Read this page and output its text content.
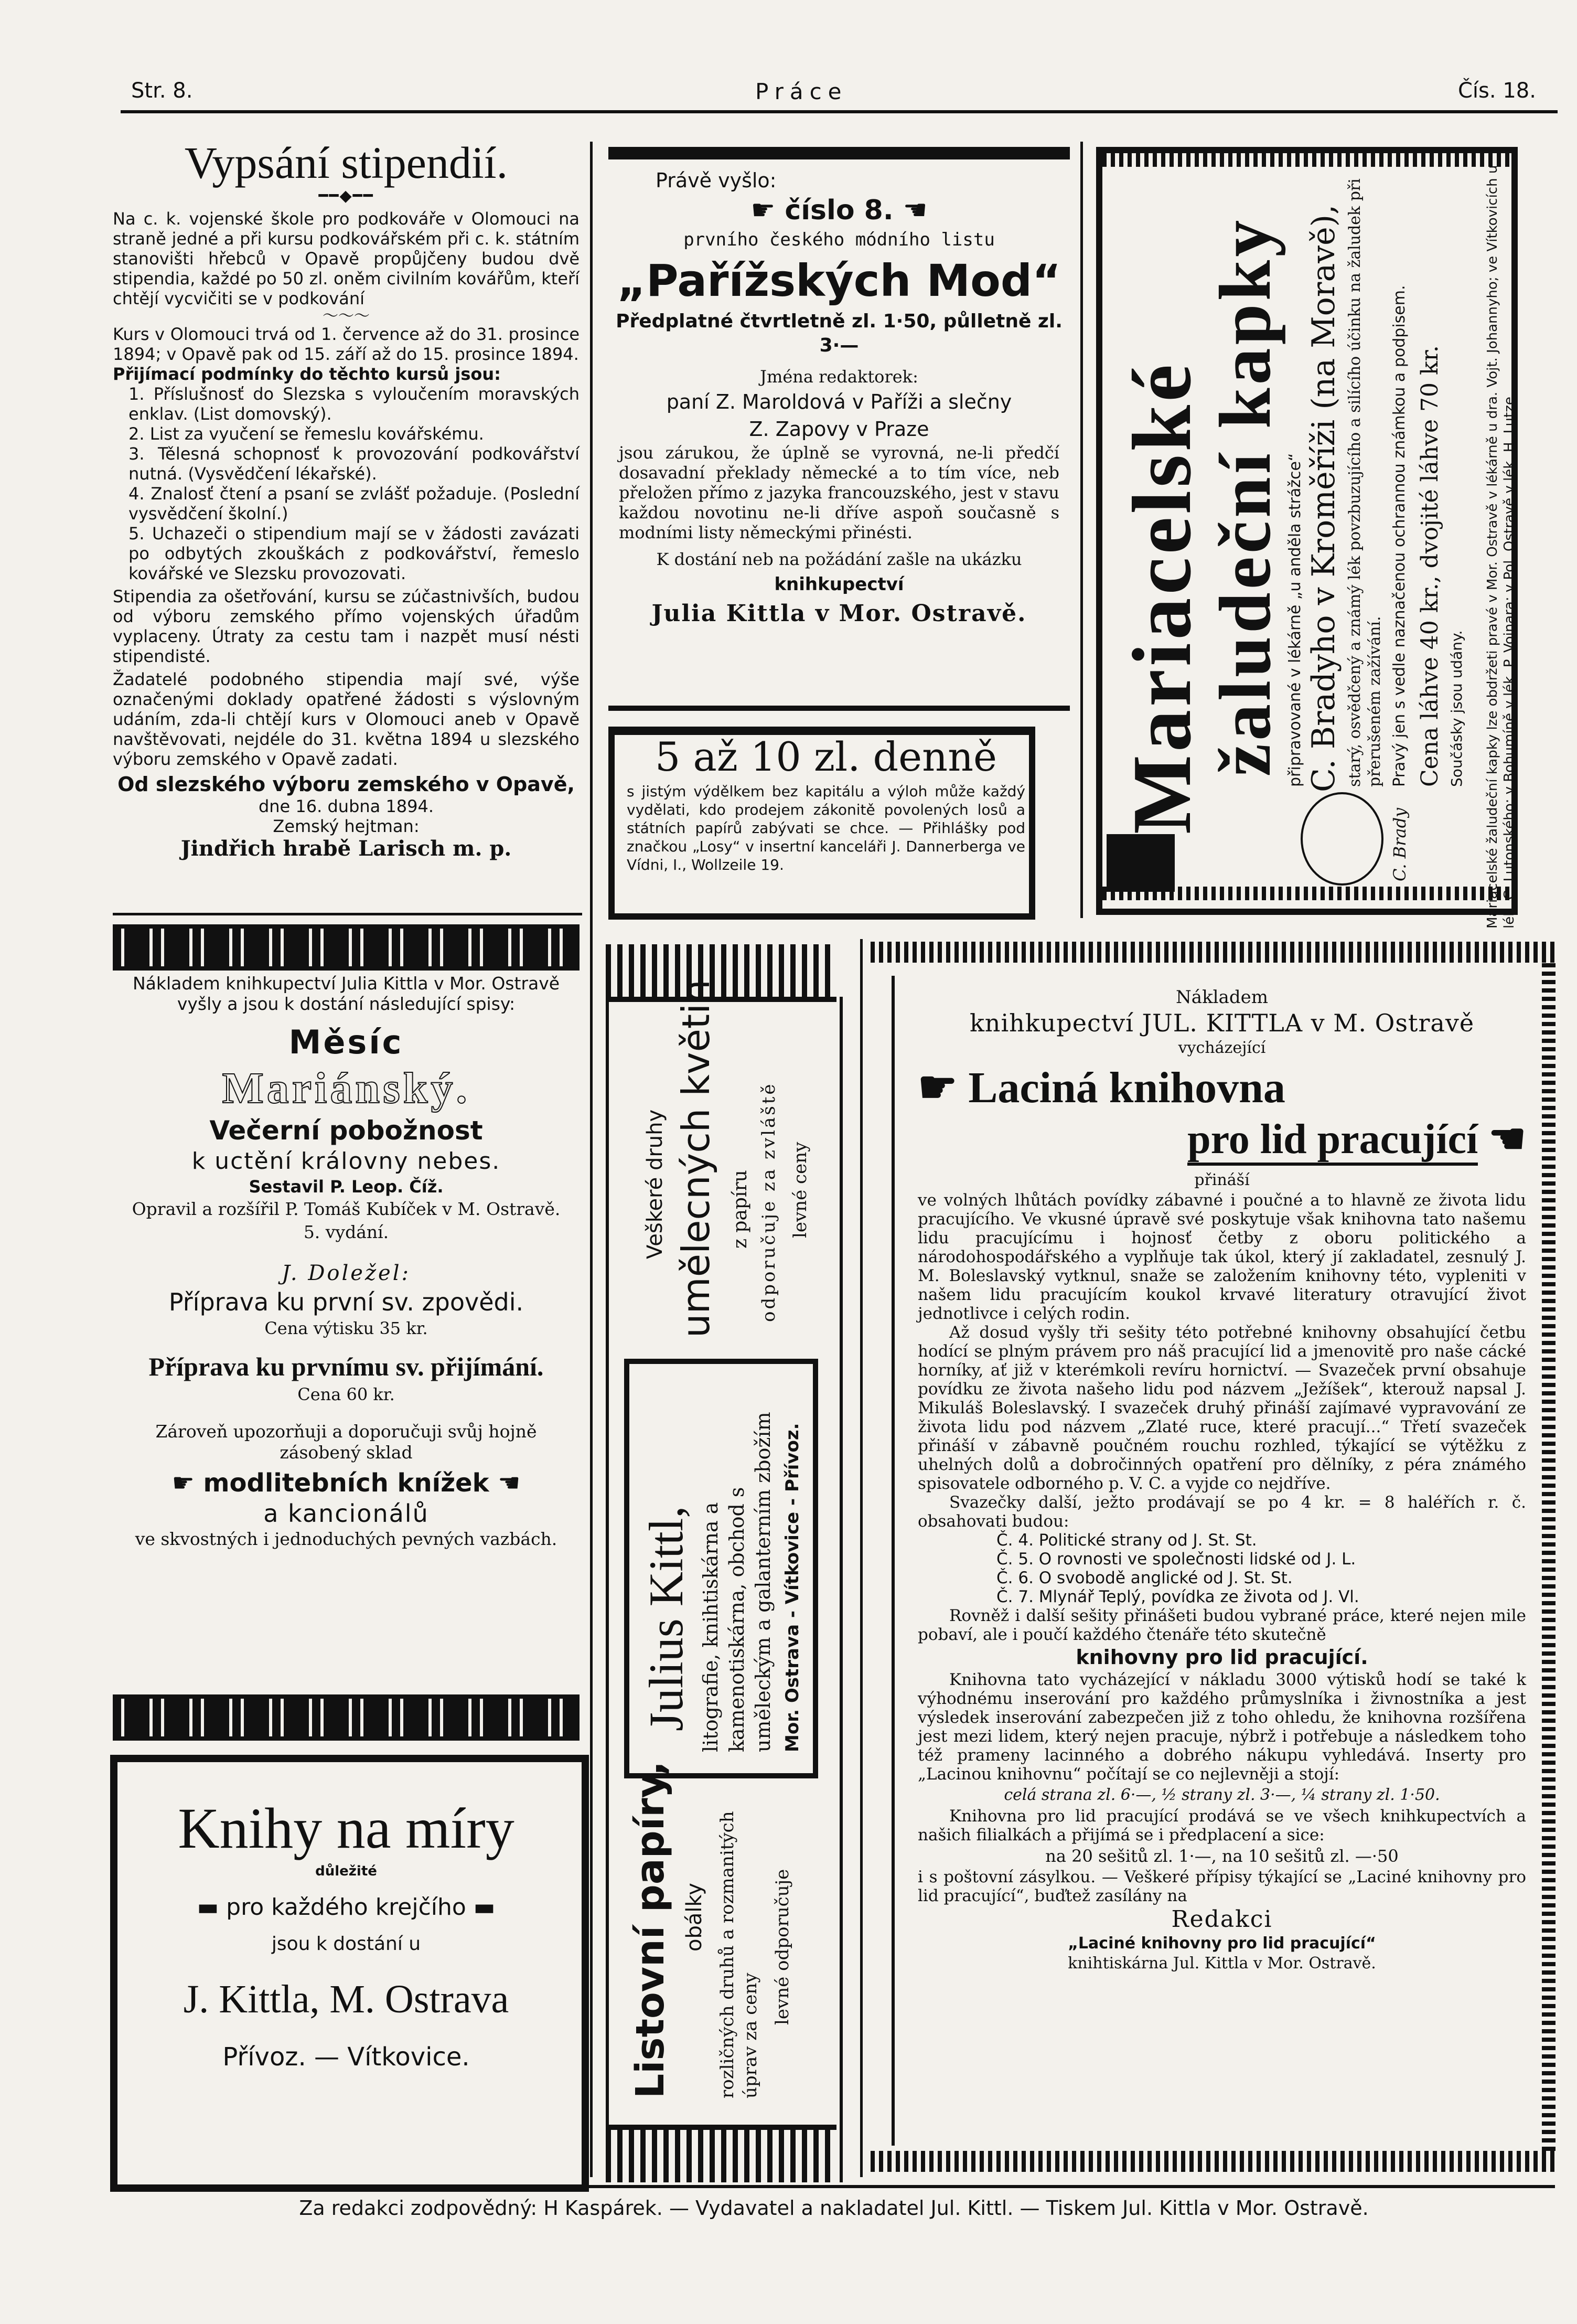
Str. 8.	Práce	Čís. 18.
Vypsání stipendií.
━━◆━━
Na c. k. vojenské škole pro podkováře v Olomouci na straně jedné a při kursu podkovářském při c. k. státním stanovišti hřebců v Opavě propůjčeny budou dvě stipendia, každé po 50 zl. oněm civilním kovářům, kteří chtějí vycvičiti se v podkování
〜〜〜
Kurs v Olomouci trvá od 1. července až do 31. prosince 1894; v Opavě pak od 15. září až do 15. prosince 1894.
Přijímací podmínky do těchto kursů jsou:
1. Příslušnosť do Slezska s vyloučením moravských enklav. (List domovský).
2. List za vyučení se řemeslu kovářskému.
3. Tělesná schopnosť k provozování podkovářství nutná. (Vysvědčení lékařské).
4. Znalosť čtení a psaní se zvlášť požaduje. (Poslední vysvědčení školní.)
5. Uchazeči o stipendium mají se v žádosti zavázati po odbytých zkouškách z podkovářství, řemeslo kovářské ve Slezsku provozovati.
Stipendia za ošetřování, kursu se zúčastnivších, budou od výboru zemského přímo vojenských úřadům vyplaceny. Útraty za cestu tam i nazpět musí nésti stipendisté.
Žadatelé podobného stipendia mají své, výše označenými doklady opatřené žádosti s výslovným udáním, zda-li chtějí kurs v Olomouci aneb v Opavě navštěvovati, nejdéle do 31. května 1894 u slezského výboru zemského v Opavě zadati.
Od slezského výboru zemského v Opavě,
dne 16. dubna 1894.
Zemský hejtman:
Jindřich hrabě Larisch m. p.
Nákladem knihkupectví Julia Kittla v Mor. Ostravě vyšly a jsou k dostání následující spisy:
Měsíc
Mariánský.
Večerní pobožnost
k uctění královny nebes.
Sestavil P. Leop. Číž.
Opravil a rozšířil P. Tomáš Kubíček v M. Ostravě.
5. vydání.
J. Doležel:
Příprava ku první sv. zpovědi.
Cena výtisku 35 kr.
Příprava ku prvnímu sv. přijímání.
Cena 60 kr.
Zároveň upozorňuji a doporučuji svůj hojně zásobený sklad
☛ modlitebních knížek ☚
a kancionálů
ve skvostných i jednoduchých pevných vazbách.
Knihy na míry
důležité
▬ pro každého krejčího ▬
jsou k dostání u
J. Kittla, M. Ostrava
Přívoz. — Vítkovice.
Právě vyšlo:
☛ číslo 8. ☚
prvního českého módního listu
„Pařížských Mod“
Předplatné čtvrtletně zl. 1·50, půlletně zl. 3·—
Jména redaktorek:
paní Z. Maroldová v Paříži a slečny
Z. Zapovy v Praze
jsou zárukou, že úplně se vyrovná, ne-li předčí dosavadní překlady německé a to tím více, neb přeložen přímo z jazyka francouzského, jest v stavu každou novotinu ne-li dříve aspoň současně s modními listy německými přinésti.
K dostání neb na požádání zašle na ukázku
knihkupectví
Julia Kittla v Mor. Ostravě.
5 až 10 zl. denně
s jistým výdělkem bez kapitálu a výloh může každý vydělati, kdo prodejem zákonitě povolených losů a státních papírů zabývati se chce. — Přihlášky pod značkou „Losy“ v insertní kanceláři J. Dannerberga ve Vídni, I., Wollzeile 19.
Mariacelské
žaludeční kapky připravované v lékárně „u anděla strážce“ C. Bradyho v Kroměříži (na Moravě), starý, osvědčený a známý lék povzbuzujícího a silícího účinku na žaludek při přerušeném zažívání. Pravý jen s vedle naznačenou ochrannou známkou a podpisem. Cena láhve 40 kr., dvojité láhve 70 kr. Součásky jsou udány. Mariacelské žaludeční kapky lze obdržeti pravé v Mor. Ostravě v lékárně u dra. Vojt. Johannyho; ve Vítkovicích u lék. C. Lutonského; v Bohumíně v lék. P. Vojnara; v Pol. Ostravě v lék. H. Lutze.
C. Brady
Veškeré druhy umělecných květin z papíru odporučuje za zvláště levné ceny
Julius Kittl, litografie, knihtiskárna a kamenotiskárna, obchod s uměleckým a galanterním zbožím Mor. Ostrava - Vítkovice - Přívoz.
Listovní papíry, obálky rozličných druhů a rozmanitých úprav za ceny
levné odporučuje
Nákladem
knihkupectví JUL. KITTLA v M. Ostravě
vycházející
☛ Laciná knihovna
pro lid pracující ☚
přináší
ve volných lhůtách povídky zábavné i poučné a to hlavně ze života lidu pracujícího. Ve vkusné úpravě své poskytuje však knihovna tato našemu lidu pracujícímu i hojnosť četby z oboru politického a národohospodářského a vyplňuje tak úkol, který jí zakladatel, zesnulý J. M. Boleslavský vytknul, snaže se založením knihovny této, vypleniti v našem lidu pracujícím koukol krvavé literatury otravující život jednotlivce i celých rodin.
Až dosud vyšly tři sešity této potřebné knihovny obsahující četbu hodící se plným právem pro náš pracující lid a jmenovitě pro naše cácké horníky, ať již v kterémkoli revíru hornictví. — Svazeček první obsahuje povídku ze života našeho lidu pod názvem „Ježíšek“, kterouž napsal J. Mikuláš Boleslavský. I svazeček druhý přináší zajímavé vypravování ze života lidu pod názvem „Zlaté ruce, které pracují...“ Třetí svazeček přináší v zábavně poučném rouchu rozhled, týkající se výtěžku z uhelných dolů a dobročinných opatření pro dělníky, z péra známého spisovatele odborného p. V. C. a vyjde co nejdříve.
Svazečky další, ježto prodávají se po 4 kr. = 8 haléřích r. č. obsahovati budou:
Č. 4. Politické strany od J. St. St.
Č. 5. O rovnosti ve společnosti lidské od J. L.
Č. 6. O svobodě anglické od J. St. St.
Č. 7. Mlynář Teplý, povídka ze života od J. Vl.
Rovněž i další sešity přinášeti budou vybrané práce, které nejen mile pobaví, ale i poučí každého čtenáře této skutečně
knihovny pro lid pracující.
Knihovna tato vycházející v nákladu 3000 výtisků hodí se také k výhodnému inserování pro každého průmyslníka i živnostníka a jest výsledek inserování zabezpečen již z toho ohledu, že knihovna rozšířena jest mezi lidem, který nejen pracuje, nýbrž i potřebuje a následkem toho též prameny lacinného a dobrého nákupu vyhledává. Inserty pro „Lacinou knihovnu“ počítají se co nejlevněji a stojí:
celá strana zl. 6·—, ½ strany zl. 3·—, ¼ strany zl. 1·50.
Knihovna pro lid pracující prodává se ve všech knihkupectvích a našich filialkách a přijímá se i předplacení a sice:
na 20 sešitů zl. 1·—, na 10 sešitů zl. —·50
i s poštovní zásylkou. — Veškeré přípisy týkající se „Laciné knihovny pro lid pracující“, buďtež zasílány na
Redakci
„Laciné knihovny pro lid pracující“
knihtiskárna Jul. Kittla v Mor. Ostravě.
Za redakci zodpovědný: H Kaspárek. — Vydavatel a nakladatel Jul. Kittl. — Tiskem Jul. Kittla v Mor. Ostravě.
